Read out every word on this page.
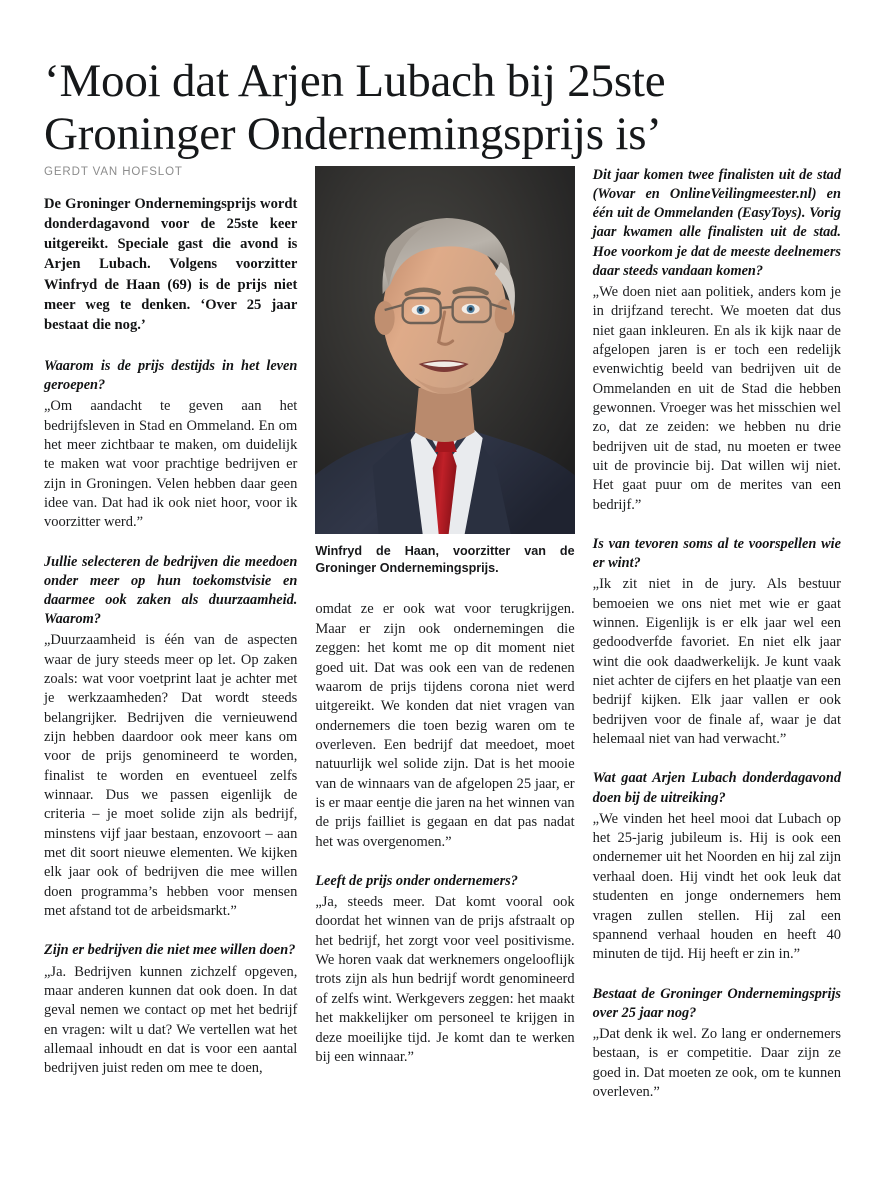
‘Mooi dat Arjen Lubach bij 25ste Groninger Ondernemingsprijs is’
GERDT VAN HOFSLOT

De Groninger Ondernemingsprijs wordt donderdagavond voor de 25ste keer uitgereikt. Speciale gast die avond is Arjen Lubach. Volgens voorzitter Winfryd de Haan (69) is de prijs niet meer weg te denken. ‘Over 25 jaar bestaat die nog.’

Waarom is de prijs destijds in het leven geroepen?

„Om aandacht te geven aan het bedrijfsleven in Stad en Ommeland. En om het meer zichtbaar te maken, om duidelijk te maken wat voor prachtige bedrijven er zijn in Groningen. Velen hebben daar geen idee van. Dat had ik ook niet hoor, voor ik voorzitter werd.”

Jullie selecteren de bedrijven die meedoen onder meer op hun toekomstvisie en daarmee ook zaken als duurzaamheid. Waarom?

„Duurzaamheid is één van de aspecten waar de jury steeds meer op let. Op zaken zoals: wat voor voetprint laat je achter met je werkzaamheden? Dat wordt steeds belangrijker. Bedrijven die vernieuwend zijn hebben daardoor ook meer kans om voor de prijs genomineerd te worden, finalist te worden en eventueel zelfs winnaar. Dus we passen eigenlijk de criteria – je moet solide zijn als bedrijf, minstens vijf jaar bestaan, enzovoort – aan met dit soort nieuwe elementen. We kijken elk jaar ook of bedrijven die mee willen doen programma’s hebben voor mensen met afstand tot de arbeidsmarkt.”

Zijn er bedrijven die niet mee willen doen?

„Ja. Bedrijven kunnen zichzelf opgeven, maar anderen kunnen dat ook doen. In dat geval nemen we contact op met het bedrijf en vragen: wilt u dat? We vertellen wat het allemaal inhoudt en dat is voor een aantal bedrijven juist reden om mee te doen,

Winfryd de Haan, voorzitter van de Groninger Ondernemingsprijs.

omdat ze er ook wat voor terugkrijgen. Maar er zijn ook ondernemingen die zeggen: het komt me op dit moment niet goed uit. Dat was ook een van de redenen waarom de prijs tijdens corona niet werd uitgereikt. We konden dat niet vragen van ondernemers die toen bezig waren om te overleven. Een bedrijf dat meedoet, moet natuurlijk wel solide zijn. Dat is het mooie van de winnaars van de afgelopen 25 jaar, er is er maar eentje die jaren na het winnen van de prijs failliet is gegaan en dat pas nadat het was overgenomen.”

Leeft de prijs onder ondernemers?

„Ja, steeds meer. Dat komt vooral ook doordat het winnen van de prijs afstraalt op het bedrijf, het zorgt voor veel positivisme. We horen vaak dat werknemers ongelooflijk trots zijn als hun bedrijf wordt genomineerd of zelfs wint. Werkgevers zeggen: het maakt het makkelijker om personeel te krijgen in deze moeilijke tijd. Je komt dan te werken bij een winnaar.”

Dit jaar komen twee finalisten uit de stad (Wovar en OnlineVeilingmeester.nl) en één uit de Ommelanden (EasyToys). Vorig jaar kwamen alle finalisten uit de stad. Hoe voorkom je dat de meeste deelnemers daar steeds vandaan komen?

„We doen niet aan politiek, anders kom je in drijfzand terecht. We moeten dat dus niet gaan inkleuren. En als ik kijk naar de afgelopen jaren is er toch een redelijk evenwichtig beeld van bedrijven uit de Ommelanden en uit de Stad die hebben gewonnen. Vroeger was het misschien wel zo, dat ze zeiden: we hebben nu drie bedrijven uit de stad, nu moeten er twee uit de provincie bij. Dat willen wij niet. Het gaat puur om de merites van een bedrijf.”

Is van tevoren soms al te voorspellen wie er wint?

„Ik zit niet in de jury. Als bestuur bemoeien we ons niet met wie er gaat winnen. Eigenlijk is er elk jaar wel een gedoodverfde favoriet. En niet elk jaar wint die ook daadwerkelijk. Je kunt vaak niet achter de cijfers en het plaatje van een bedrijf kijken. Elk jaar vallen er ook bedrijven voor de finale af, waar je dat helemaal niet van had verwacht.”

Wat gaat Arjen Lubach donderdagavond doen bij de uitreiking?

„We vinden het heel mooi dat Lubach op het 25-jarig jubileum is. Hij is ook een ondernemer uit het Noorden en hij zal zijn verhaal doen. Hij vindt het ook leuk dat studenten en jonge ondernemers hem vragen zullen stellen. Hij zal een spannend verhaal houden en heeft 40 minuten de tijd. Hij heeft er zin in.”

Bestaat de Groninger Ondernemingsprijs over 25 jaar nog?

„Dat denk ik wel. Zo lang er ondernemers bestaan, is er competitie. Daar zijn ze goed in. Dat moeten ze ook, om te kunnen overleven.”
